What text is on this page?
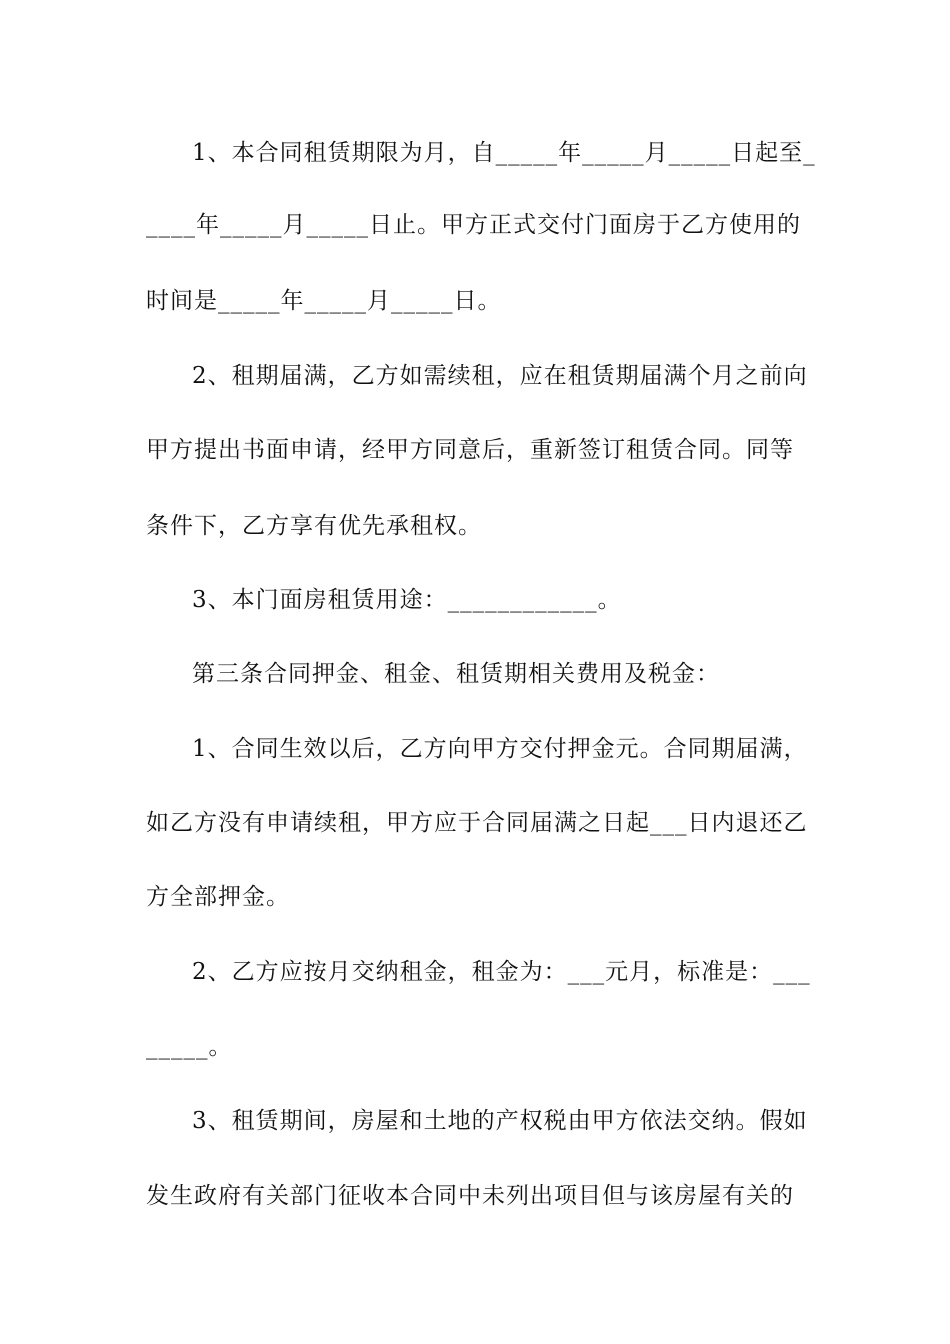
1、本合同租赁期限为月，自_____年_____月_____日起至_
____年_____月_____日止。甲方正式交付门面房于乙方使用的
时间是_____年_____月_____日。
2、租期届满，乙方如需续租，应在租赁期届满个月之前向
甲方提出书面申请，经甲方同意后，重新签订租赁合同。同等
条件下，乙方享有优先承租权。
3、本门面房租赁用途：____________。
第三条合同押金、租金、租赁期相关费用及税金：
1、合同生效以后，乙方向甲方交付押金元。合同期届满，
如乙方没有申请续租，甲方应于合同届满之日起___日内退还乙
方全部押金。
2、乙方应按月交纳租金，租金为：___元月，标准是：___
_____。
3、租赁期间，房屋和土地的产权税由甲方依法交纳。假如
发生政府有关部门征收本合同中未列出项目但与该房屋有关的
